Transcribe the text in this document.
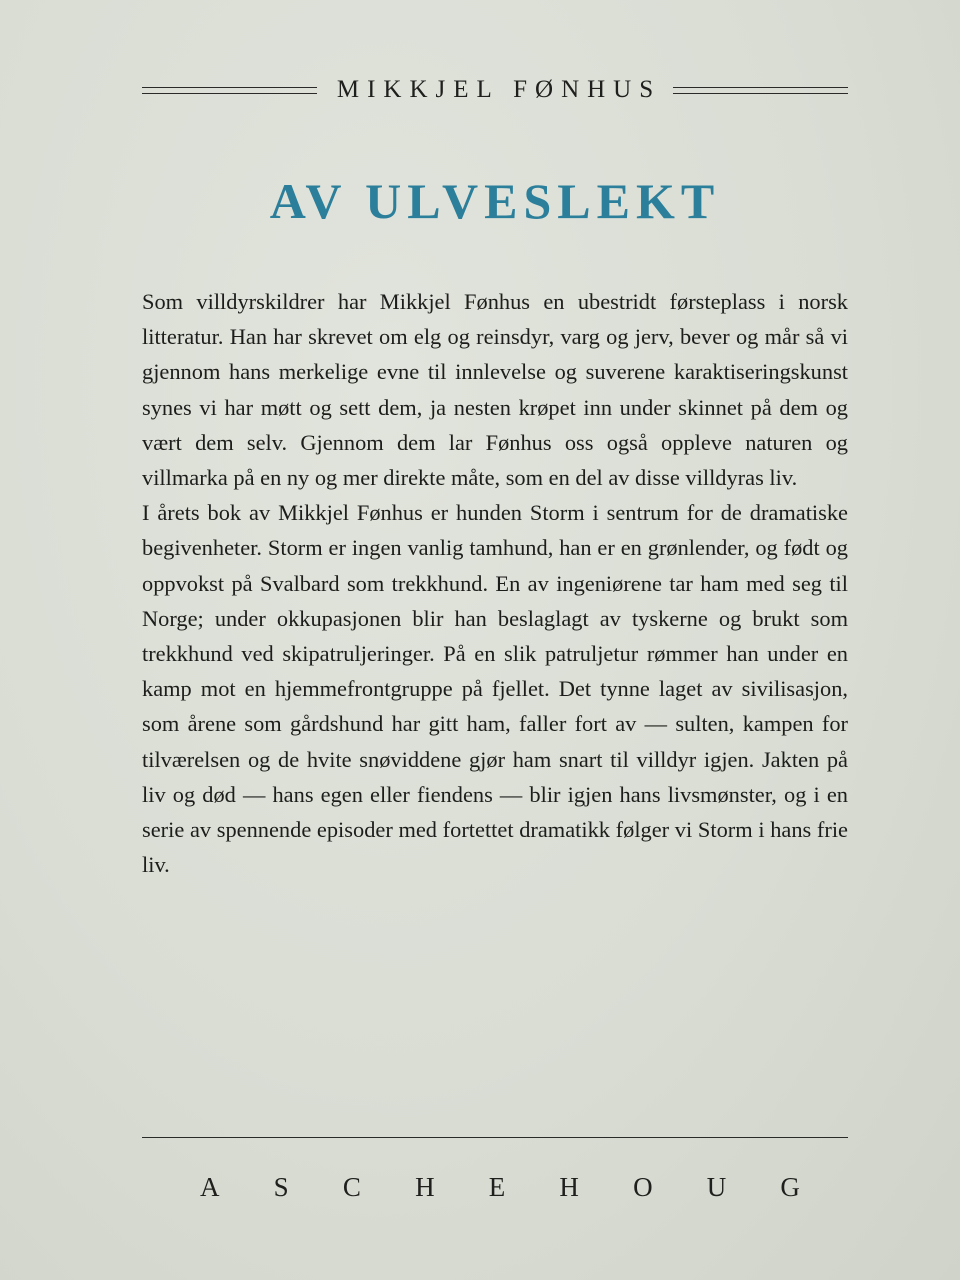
MIKKJEL FØNHUS
AV ULVESLEKT

Som villdyrskildrer har Mikkjel Fønhus en ubestridt førsteplass i norsk litteratur. Han har skrevet om elg og reinsdyr, varg og jerv, bever og mår så vi gjennom hans merkelige evne til innlevelse og suverene karaktiseringskunst synes vi har møtt og sett dem, ja nesten krøpet inn under skinnet på dem og vært dem selv. Gjennom dem lar Fønhus oss også oppleve naturen og villmarka på en ny og mer direkte måte, som en del av disse villdyras liv.

I årets bok av Mikkjel Fønhus er hunden Storm i sentrum for de dramatiske begivenheter. Storm er ingen vanlig tamhund, han er en grønlender, og født og oppvokst på Svalbard som trekkhund. En av ingeniørene tar ham med seg til Norge; under okkupasjonen blir han beslaglagt av tyskerne og brukt som trekkhund ved skipatruljeringer. På en slik patruljetur rømmer han under en kamp mot en hjemmefrontgruppe på fjellet. Det tynne laget av sivilisasjon, som årene som gårdshund har gitt ham, faller fort av — sulten, kampen for tilværelsen og de hvite snøviddene gjør ham snart til villdyr igjen. Jakten på liv og død — hans egen eller fiendens — blir igjen hans livsmønster, og i en serie av spennende episoder med fortettet dramatikk følger vi Storm i hans frie liv.

A S C H E H O U G
